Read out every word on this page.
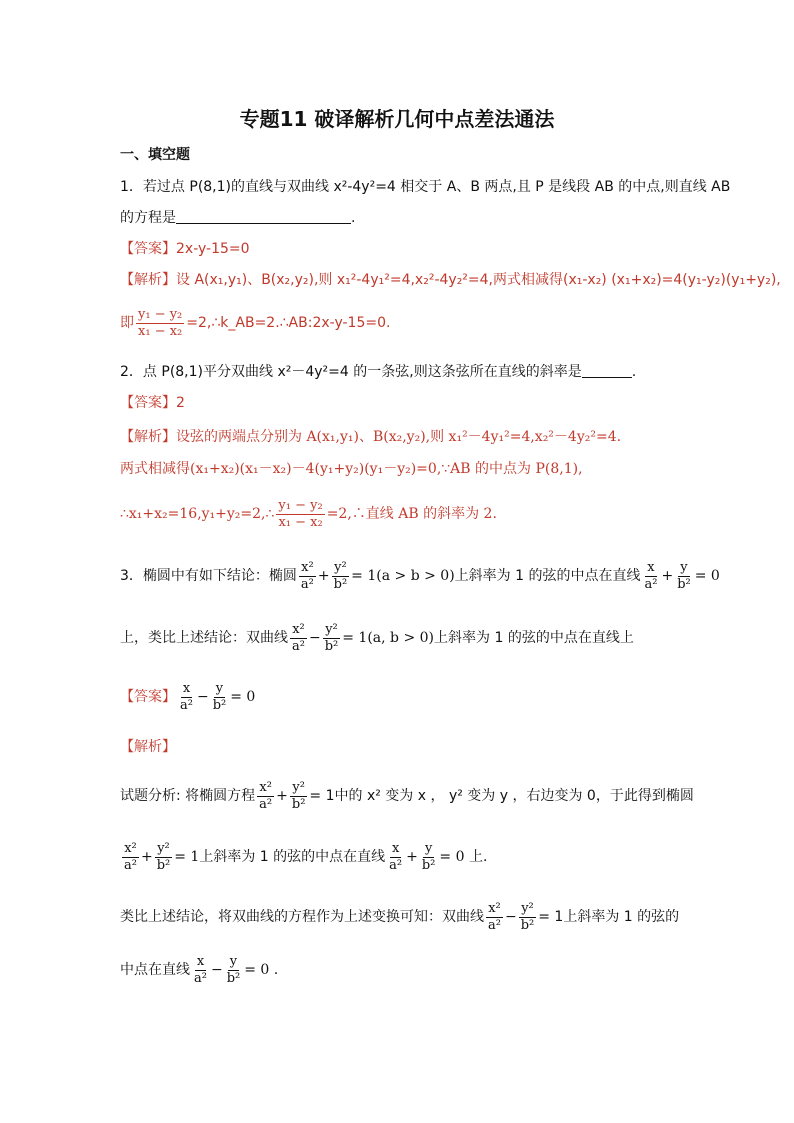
专题11 破译解析几何中点差法通法
一、填空题
1．若过点 P(8,1)的直线与双曲线 x²-4y²=4 相交于 A、B 两点,且 P 是线段 AB 的中点,则直线 AB
的方程是	.
【答案】2x-y-15=0
【解析】设 A(x₁,y₁)、B(x₂,y₂),则 x₁²-4y₁²=4,x₂²-4y₂²=4,两式相减得(x₁-x₂) (x₁+x₂)=4(y₁-y₂)(y₁+y₂),
即 $\frac{\text{y₁ − y₂}}{\text{x₁ − x₂}}$ =2,∴k_AB=2.∴AB:2x-y-15=0.
2．点 P(8,1)平分双曲线 x²－4y²=4 的一条弦,则这条弦所在直线的斜率是	.
【答案】2
【解析】设弦的两端点分别为 A(x₁,y₁)、B(x₂,y₂),则 x₁²－4y₁²=4,x₂²－4y₂²=4.
两式相减得(x₁+x₂)(x₁－x₂)－4(y₁+y₂)(y₁－y₂)=0,∵AB 的中点为 P(8,1),
∴x₁+x₂=16,y₁+y₂=2,∴ $\frac{\text{y₁ − y₂}}{\text{x₁ − x₂}}$ =2,∴直线 AB 的斜率为 2.
3． 椭圆中有如下结论：椭圆 $\frac{\text{x²}}{\text{a²}} + \frac{\text{y²}}{\text{b²}} = 1(a > b > 0)$ 上斜率为 1 的弦的中点在直线 $\frac{x}{\text{a²}} + \frac{y}{\text{b²}} = 0$
上，类比上述结论：双曲线 $\frac{\text{x²}}{\text{a²}} - \frac{\text{y²}}{\text{b²}} = 1(a$, b > 0) 上斜率为 1 的弦的中点在直线上
【答案】 $\frac{x}{\text{a²}} - \frac{y}{\text{b²}} = 0$
【解析】
试题分析: 将椭圆方程 $\frac{\text{x²}}{\text{a²}} + \frac{\text{y²}}{\text{b²}} = 1$中的 x² 变为 x ， y² 变为 y ，右边变为 0，于此得到椭圆
$\frac{\text{x²}}{\text{a²}} + \frac{\text{y²}}{\text{b²}} = 1$ 上斜率为 1 的弦的中点在直线 $\frac{x}{\text{a²}} + \frac{y}{\text{b²}} = 0$ 上.
类比上述结论，将双曲线的方程作为上述变换可知：双曲线 $\frac{\text{x²}}{\text{a²}} - \frac{\text{y²}}{\text{b²}} = 1$上斜率为 1 的弦的
中点在直线 $\frac{x}{\text{a²}} - \frac{y}{\text{b²}} = 0$ .
